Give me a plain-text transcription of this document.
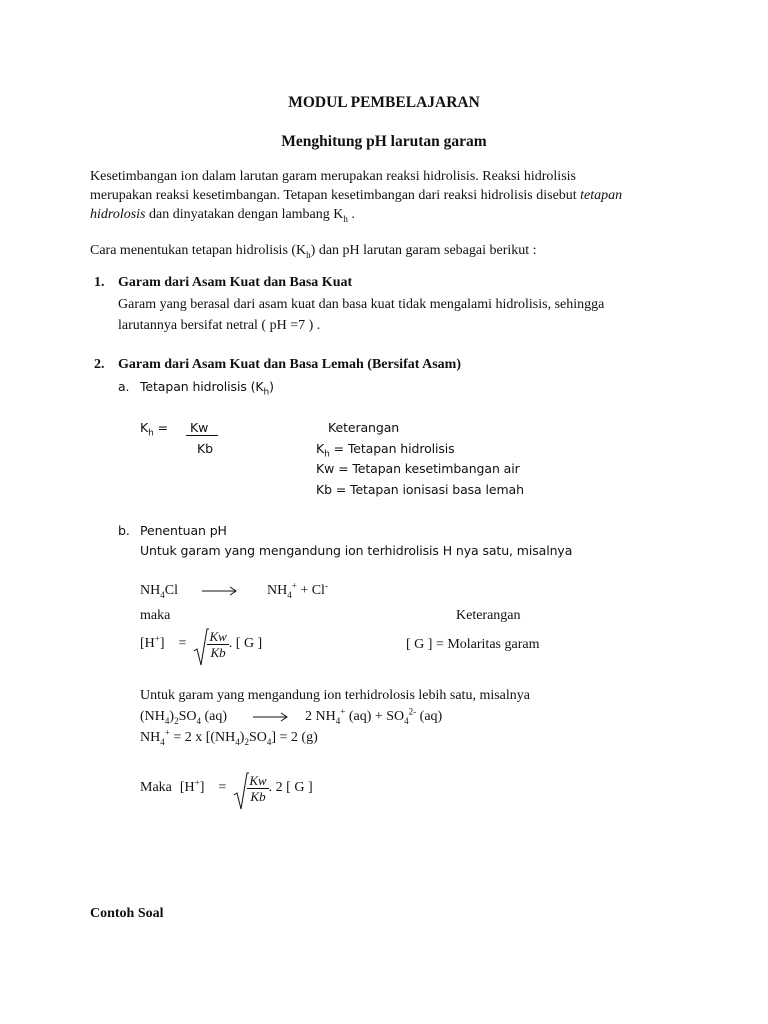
MODUL PEMBELAJARAN
Menghitung pH larutan garam
Kesetimbangan ion dalam larutan garam merupakan reaksi hidrolisis. Reaksi hidrolisis
merupakan reaksi kesetimbangan. Tetapan kesetimbangan dari reaksi hidrolisis disebut tetapan
hidrolosis dan dinyatakan dengan lambang $K_h$ .
Cara menentukan tetapan hidrolisis $(K_h)$ dan pH larutan garam sebagai berikut :
1. Garam dari Asam Kuat dan Basa Kuat
Garam yang berasal dari asam kuat dan basa kuat tidak mengalami hidrolisis, sehingga
larutannya bersifat netral ( pH =7 ) .
2. Garam dari Asam Kuat dan Basa Lemah (Bersifat Asam)
a. Tetapan hidrolisis $(K_h)$
$K_h$ =	Kw
Kb
Keterangan
$K_h$ = Tetapan hidrolisis
Kw = Tetapan kesetimbangan air
Kb = Tetapan ionisasi basa lemah
b. Penentuan pH
Untuk garam yang mengandung ion terhidrolisis H nya satu, misalnya
$NH_4Cl$	$NH_4^+ + Cl^-$
maka	Keterangan
$[H^+] = \frac{Kw}{Kb}$ . [ G ]	[ G ] = Molaritas garam
Untuk garam yang mengandung ion terhidrolosis lebih satu, misalnya
$(NH_4)_2SO_4$ (aq) → 2 $NH_4^+$ $(aq) + SO_4^{2-}$ (aq)
$NH_4^+ = 2$ x $[(NH_4)_2SO_4] = 2$ (g)
Maka $[H^+] = \frac{Kw}{Kb}$ . 2 [ G ]
Contoh Soal
